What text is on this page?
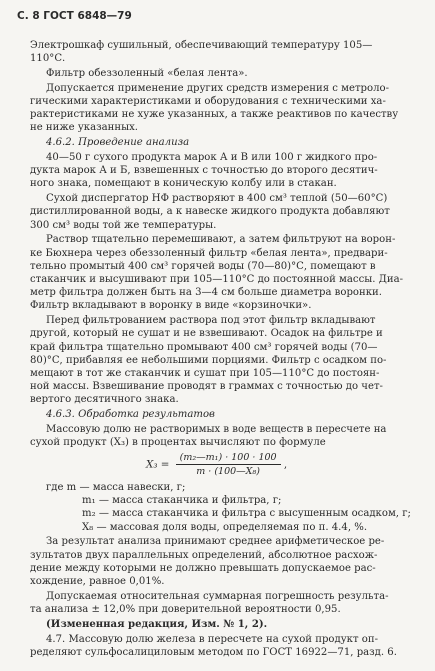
С. 8 ГОСТ 6848—79
Электрошкаф сушильный, обеспечивающий температуру 105—
110°С.
Фильтр обеззоленный «белая лента».
Допускается применение других средств измерения с метроло-
гическими характеристиками и оборудования с техническими ха-
рактеристиками не хуже указанных, а также реактивов по качеству
не ниже указанных.
4.6.2. Проведение анализа
40—50 г сухого продукта марок А и В или 100 г жидкого про-
дукта марок А и Б, взвешенных с точностью до второго десятич-
ного знака, помещают в коническую колбу или в стакан.
Сухой диспергатор НФ растворяют в 400 см³ теплой (50—60°С)
дистиллированной воды, а к навеске жидкого продукта добавляют
300 см³ воды той же температуры.
Раствор тщательно перемешивают, а затем фильтруют на ворон-
ке Бюхнера через обеззоленный фильтр «белая лента», предвари-
тельно промытый 400 см³ горячей воды (70—80)°С, помещают в
стаканчик и высушивают при 105—110°С до постоянной массы. Диа-
метр фильтра должен быть на 3—4 см больше диаметра воронки.
Фильтр вкладывают в воронку в виде «корзиночки».
Перед фильтрованием раствора под этот фильтр вкладывают
другой, который не сушат и не взвешивают. Осадок на фильтре и
край фильтра тщательно промывают 400 см³ горячей воды (70—
80)°С, прибавляя ее небольшими порциями. Фильтр с осадком по-
мещают в тот же стаканчик и сушат при 105—110°С до постоян-
ной массы. Взвешивание проводят в граммах с точностью до чет-
вертого десятичного знака.
4.6.3. Обработка результатов
Массовую долю не растворимых в воде веществ в пересчете на
сухой продукт (X₃) в процентах вычисляют по формуле
$X_3 = \frac{\text{(m₂—m₁) · 100 · 100}}{\text{m · (100—X₈)}}$ ,
где m — масса навески, г;
m₁ — масса стаканчика и фильтра, г;
m₂ — масса стаканчика и фильтра с высушенным осадком, г;
X₈ — массовая доля воды, определяемая по п. 4.4, %.
За результат анализа принимают среднее арифметическое ре-
зультатов двух параллельных определений, абсолютное расхож-
дение между которыми не должно превышать допускаемое рас-
хождение, равное 0,01%.
Допускаемая относительная суммарная погрешность результа-
та анализа ± 12,0% при доверительной вероятности 0,95.
(Измененная редакция, Изм. № 1, 2).
4.7. Массовую долю железа в пересчете на сухой продукт оп-
ределяют сульфосалициловым методом по ГОСТ 16922—71, разд. 6.
